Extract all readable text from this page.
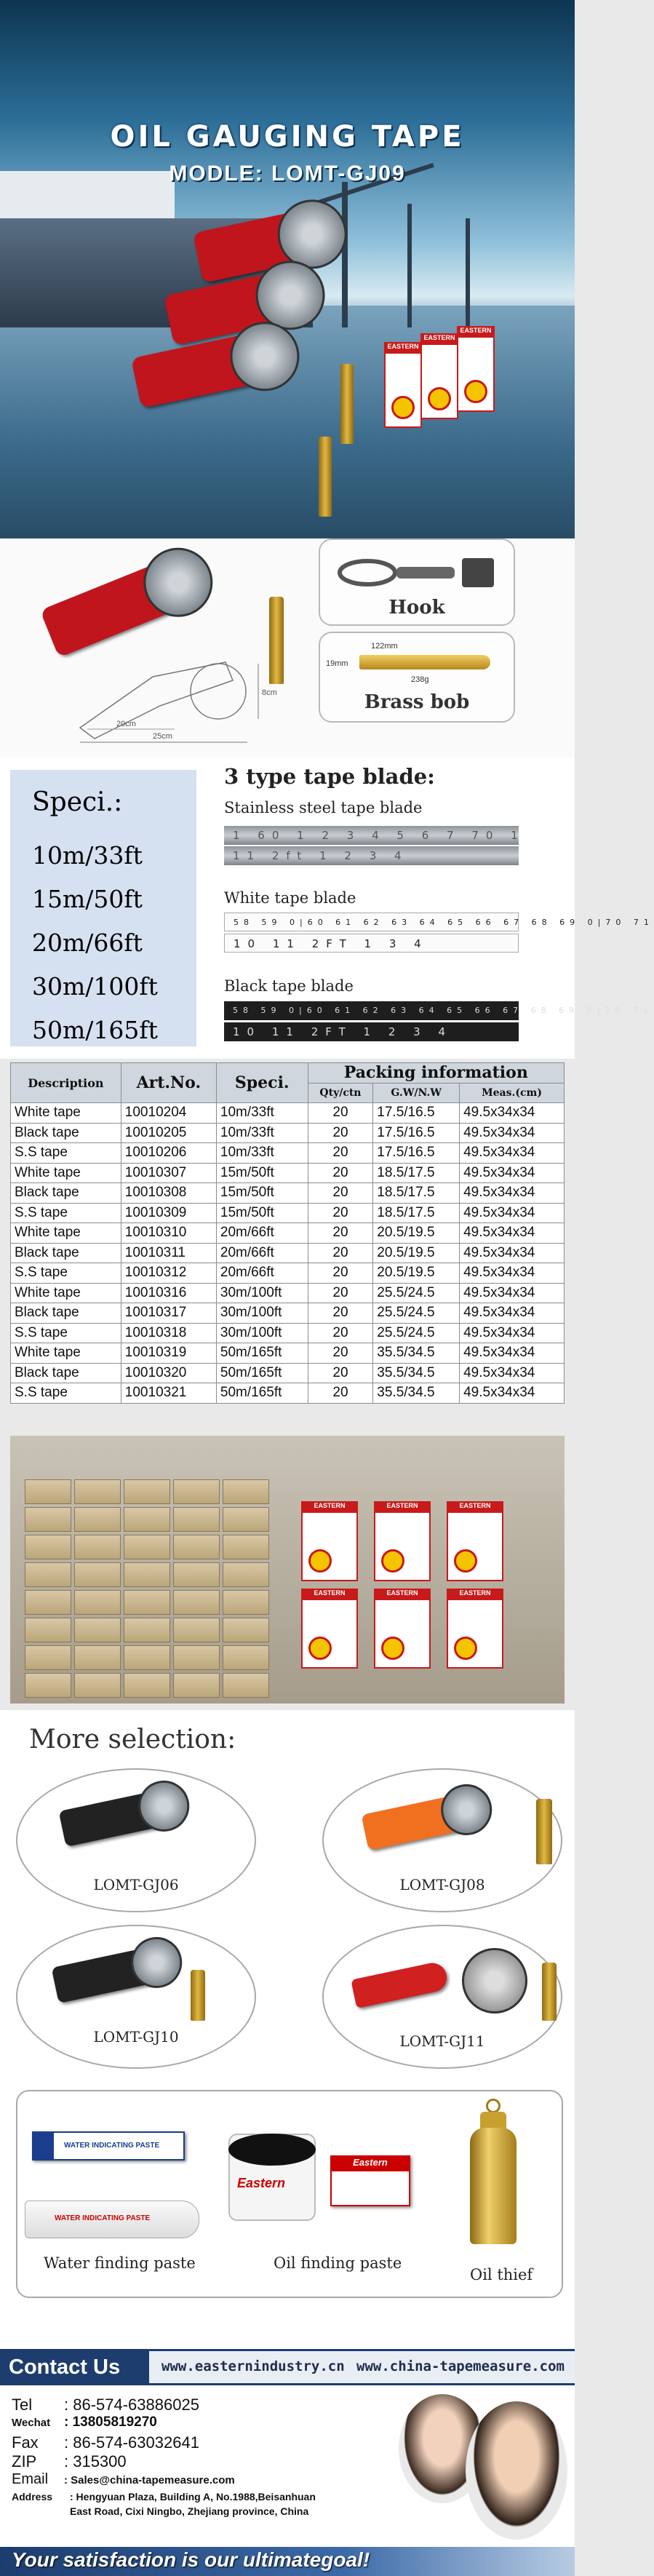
OIL GAUGING TAPE
MODLE: LOMT-GJ09
EASTERN
EASTERN
EASTERN
8cm
20cm
25cm
Hook
122mm
19mm
238g
Brass bob
Speci.:
10m/33ft
15m/50ft
20m/66ft
30m/100ft
50m/165ft
3 type tape blade:
Stainless steel tape blade
1 60 1 2 3 4 5 6 7 70 1
11 2ft 1 2 3 4
White tape blade
58 59 0|60 61 62 63 64 65 66 67 68 69 0|70 71
10 11 2FT 1 3 4
Black tape blade
58 59 0|60 61 62 63 64 65 66 67 68 69 0|70 71
10 11 2FT 1 2 3 4
Description	Art.No.	Speci.	Packing information		
			Qty/ctn	G.W/N.W	Meas.(cm)
White tape	10010204	10m/33ft	20	17.5/16.5	49.5x34x34
Black tape	10010205	10m/33ft	20	17.5/16.5	49.5x34x34
S.S tape	10010206	10m/33ft	20	17.5/16.5	49.5x34x34
White tape	10010307	15m/50ft	20	18.5/17.5	49.5x34x34
Black tape	10010308	15m/50ft	20	18.5/17.5	49.5x34x34
S.S tape	10010309	15m/50ft	20	18.5/17.5	49.5x34x34
White tape	10010310	20m/66ft	20	20.5/19.5	49.5x34x34
Black tape	10010311	20m/66ft	20	20.5/19.5	49.5x34x34
S.S tape	10010312	20m/66ft	20	20.5/19.5	49.5x34x34
White tape	10010316	30m/100ft	20	25.5/24.5	49.5x34x34
Black tape	10010317	30m/100ft	20	25.5/24.5	49.5x34x34
S.S tape	10010318	30m/100ft	20	25.5/24.5	49.5x34x34
White tape	10010319	50m/165ft	20	35.5/34.5	49.5x34x34
Black tape	10010320	50m/165ft	20	35.5/34.5	49.5x34x34
S.S tape	10010321	50m/165ft	20	35.5/34.5	49.5x34x34
EASTERN	EASTERN	EASTERN
EASTERN	EASTERN	EASTERN
More selection:
LOMT-GJ06	LOMT-GJ08
LOMT-GJ10	LOMT-GJ11
WATER INDICATING PASTE
WATER INDICATING PASTE
Eastern
Eastern
Water finding paste	Oil finding paste
Oil thief
Contact Us	www.easternindustry.cn www.china-tapemeasure.com
Tel : 86-574-63886025
Wechat : 13805819270
Fax : 86-574-63032641
ZIP : 315300
Email : Sales@china-tapemeasure.com
Address : Hengyuan Plaza, Building A, No.1988,Beisanhuan
East Road, Cixi Ningbo, Zhejiang province, China
Your satisfaction is our ultimategoal!
